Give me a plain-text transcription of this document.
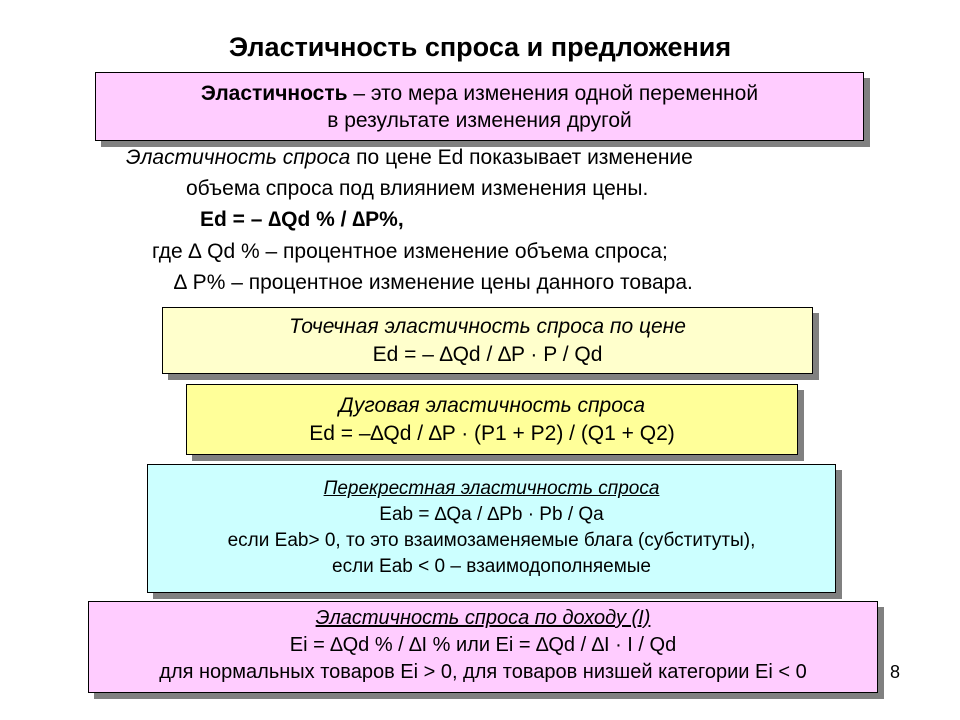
Эластичность спроса и предложения
Эластичность – это мера изменения одной переменной
в результате изменения другой
Эластичность спроса по цене Ed показывает изменение
объема спроса под влиянием изменения цены.
Ed = – ∆Qd % / ∆P%,
где ∆ Qd % – процентное изменение объема спроса;
∆ P% – процентное изменение цены данного товара.
Точечная эластичность спроса по цене
Ed = – ∆Qd / ∆P · P / Qd
Дуговая эластичность спроса
Ed = –∆Qd / ∆P · (P1 + P2) / (Q1 + Q2)
Перекрестная эластичность спроса
Eab = ∆Qa / ∆Pb · Pb / Qa
если Eab> 0, то это взаимозаменяемые блага (субституты),
если Eab < 0 – взаимодополняемые
Эластичность спроса по доходу (I)
Ei = ∆Qd % / ∆I % или Ei = ∆Qd / ∆I · I / Qd
для нормальных товаров Ei > 0, для товаров низшей категории Ei < 0	8
